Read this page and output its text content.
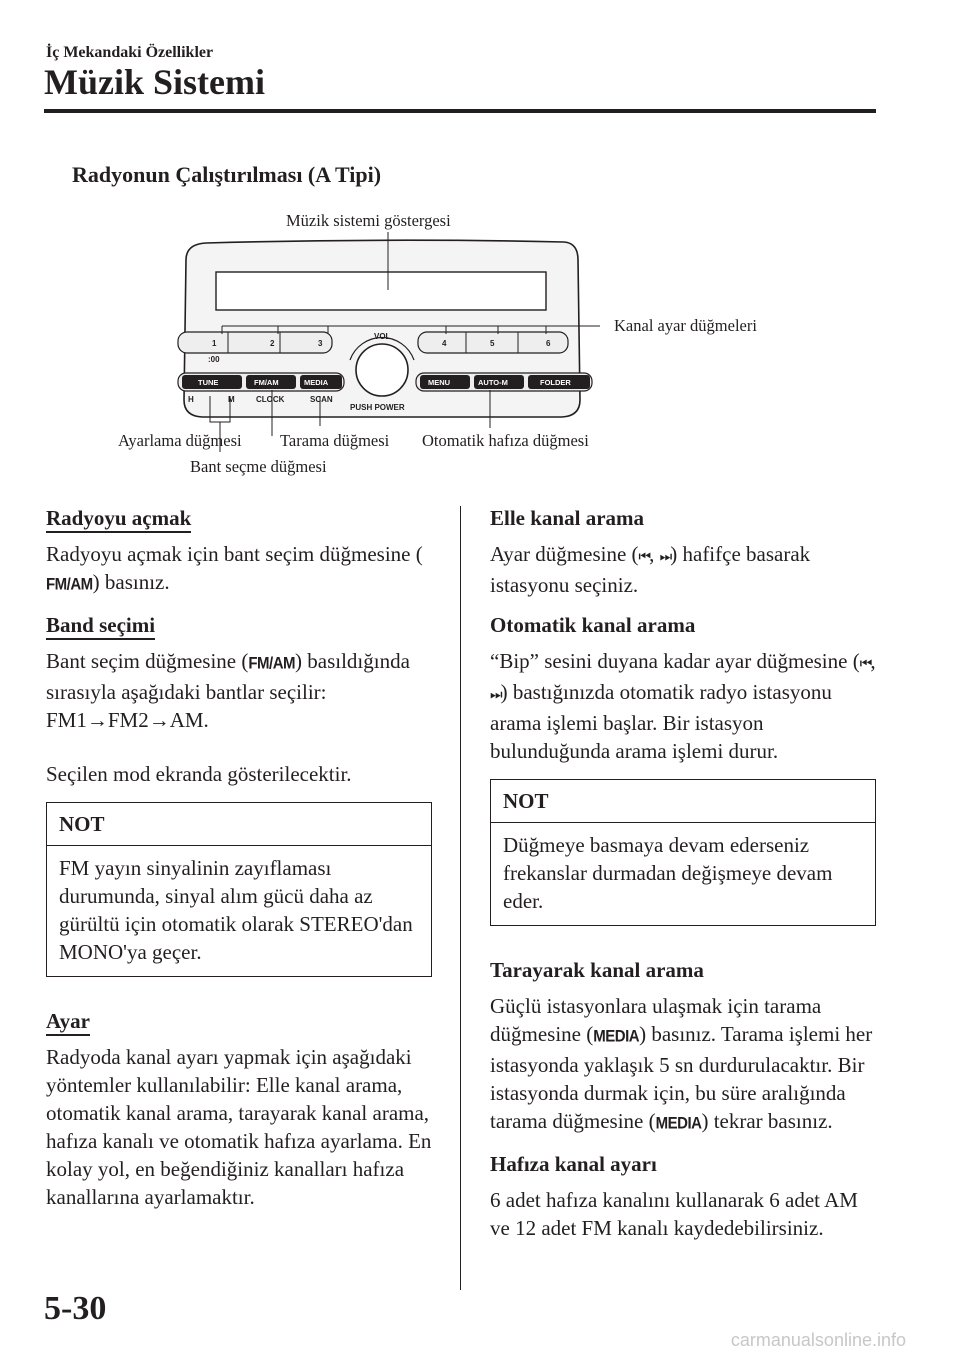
İç Mekandaki Özellikler
Müzik Sistemi
Radyonun Çalıştırılması (A Tipi)
1	2	3	4	5	6
:00
VOL
H	M	CLOCK	SCAN
PUSH POWER
TUNE	FM/AM	MEDIA	MENU	AUTO-M	FOLDER
Müzik sistemi göstergesi
Kanal ayar düğmeleri
Ayarlama düğmesi Tarama düğmesi Otomatik hafıza düğmesi
Bant seçme düğmesi
Radyoyu açmak

Radyoyu açmak için bant seçim düğmesine (FM/AM) basınız.

Band seçimi

Bant seçim düğmesine (FM/AM) basıldığında sırasıyla aşağıdaki bantlar seçilir: FM1→FM2→AM.

Seçilen mod ekranda gösterilecektir.

NOT
FM yayın sinyalinin zayıflaması durumunda, sinyal alım gücü daha az gürültü için otomatik olarak STEREO'dan MONO'ya geçer.
Ayar

Radyoda kanal ayarı yapmak için aşağıdaki yöntemler kullanılabilir: Elle kanal arama, otomatik kanal arama, tarayarak kanal arama, hafıza kanalı ve otomatik hafıza ayarlama. En kolay yol, en beğendiğiniz kanalları hafıza kanallarına ayarlamaktır.

Elle kanal arama

Ayar düğmesine (⏮, ⏭) hafifçe basarak istasyonu seçiniz.

Otomatik kanal arama

“Bip” sesini duyana kadar ayar düğmesine (⏮, ⏭) bastığınızda otomatik radyo istasyonu arama işlemi başlar. Bir istasyon bulunduğunda arama işlemi durur.

NOT
Düğmeye basmaya devam ederseniz frekanslar durmadan değişmeye devam eder.
Tarayarak kanal arama

Güçlü istasyonlara ulaşmak için tarama düğmesine (MEDIA) basınız. Tarama işlemi her istasyonda yaklaşık 5 sn durdurulacaktır. Bir istasyonda durmak için, bu süre aralığında tarama düğmesine (MEDIA) tekrar basınız.

Hafıza kanal ayarı

6 adet hafıza kanalını kullanarak 6 adet AM ve 12 adet FM kanalı kaydedebilirsiniz.

5-30
carmanualsonline.info
